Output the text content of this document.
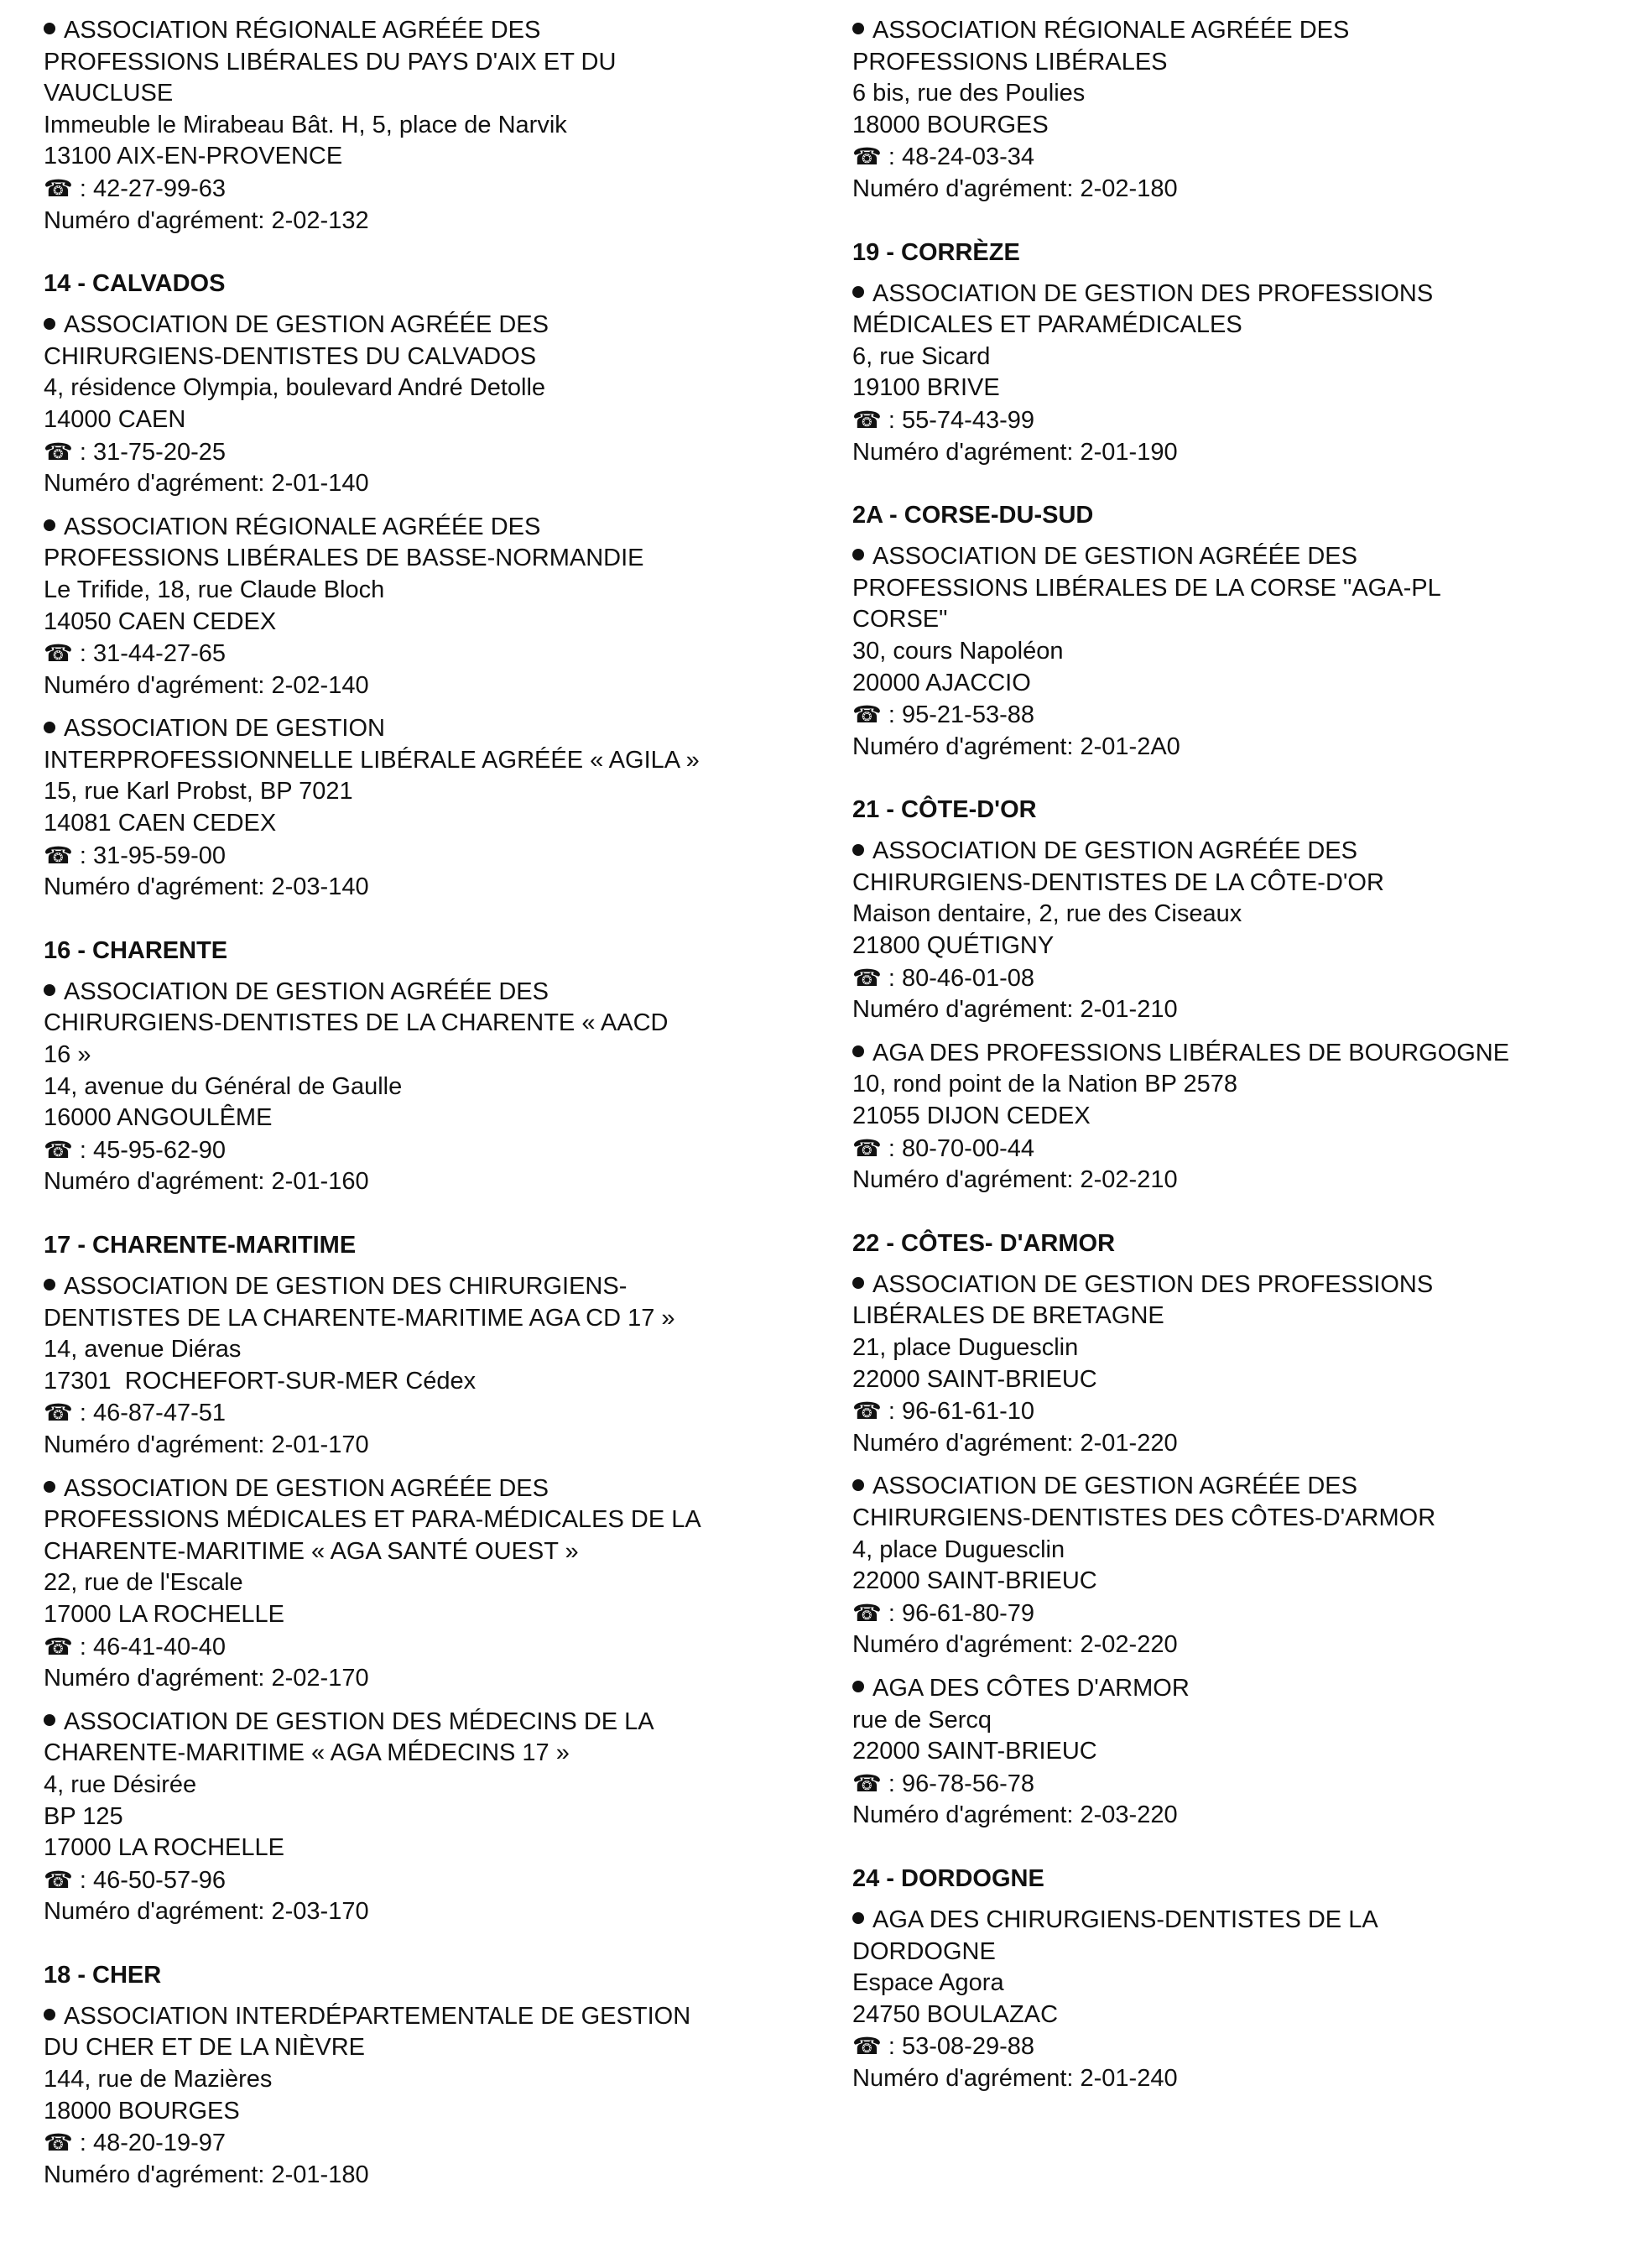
ASSOCIATION RÉGIONALE AGRÉÉE DES
PROFESSIONS LIBÉRALES DU PAYS D'AIX ET DU
VAUCLUSE
Immeuble le Mirabeau Bât. H, 5, place de Narvik
13100 AIX-EN-PROVENCE
☎ : 42-27-99-63
Numéro d'agrément: 2-02-132
14 - CALVADOS
ASSOCIATION DE GESTION AGRÉÉE DES
CHIRURGIENS-DENTISTES DU CALVADOS
4, résidence Olympia, boulevard André Detolle
14000 CAEN
☎ : 31-75-20-25
Numéro d'agrément: 2-01-140
ASSOCIATION RÉGIONALE AGRÉÉE DES
PROFESSIONS LIBÉRALES DE BASSE-NORMANDIE
Le Trifide, 18, rue Claude Bloch
14050 CAEN CEDEX
☎ : 31-44-27-65
Numéro d'agrément: 2-02-140
ASSOCIATION DE GESTION
INTERPROFESSIONNELLE LIBÉRALE AGRÉÉE « AGILA »
15, rue Karl Probst, BP 7021
14081 CAEN CEDEX
☎ : 31-95-59-00
Numéro d'agrément: 2-03-140
16 - CHARENTE
ASSOCIATION DE GESTION AGRÉÉE DES
CHIRURGIENS-DENTISTES DE LA CHARENTE « AACD
16 »
14, avenue du Général de Gaulle
16000 ANGOULÊME
☎ : 45-95-62-90
Numéro d'agrément: 2-01-160
17 - CHARENTE-MARITIME
ASSOCIATION DE GESTION DES CHIRURGIENS-
DENTISTES DE LA CHARENTE-MARITIME AGA CD 17 »
14, avenue Diéras
17301  ROCHEFORT-SUR-MER Cédex
☎ : 46-87-47-51
Numéro d'agrément: 2-01-170
ASSOCIATION DE GESTION AGRÉÉE DES
PROFESSIONS MÉDICALES ET PARA-MÉDICALES DE LA
CHARENTE-MARITIME « AGA SANTÉ OUEST »
22, rue de l'Escale
17000 LA ROCHELLE
☎ : 46-41-40-40
Numéro d'agrément: 2-02-170
ASSOCIATION DE GESTION DES MÉDECINS DE LA
CHARENTE-MARITIME « AGA MÉDECINS 17 »
4, rue Désirée
BP 125
17000 LA ROCHELLE
☎ : 46-50-57-96
Numéro d'agrément: 2-03-170
18 - CHER
ASSOCIATION INTERDÉPARTEMENTALE DE GESTION
DU CHER ET DE LA NIÈVRE
144, rue de Mazières
18000 BOURGES
☎ : 48-20-19-97
Numéro d'agrément: 2-01-180
ASSOCIATION RÉGIONALE AGRÉÉE DES
PROFESSIONS LIBÉRALES
6 bis, rue des Poulies
18000 BOURGES
☎ : 48-24-03-34
Numéro d'agrément: 2-02-180
19 - CORRÈZE
ASSOCIATION DE GESTION DES PROFESSIONS
MÉDICALES ET PARAMÉDICALES
6, rue Sicard
19100 BRIVE
☎ : 55-74-43-99
Numéro d'agrément: 2-01-190
2A - CORSE-DU-SUD
ASSOCIATION DE GESTION AGRÉÉE DES
PROFESSIONS LIBÉRALES DE LA CORSE "AGA-PL
CORSE"
30, cours Napoléon
20000 AJACCIO
☎ : 95-21-53-88
Numéro d'agrément: 2-01-2A0
21 - CÔTE-D'OR
ASSOCIATION DE GESTION AGRÉÉE DES
CHIRURGIENS-DENTISTES DE LA CÔTE-D'OR
Maison dentaire, 2, rue des Ciseaux
21800 QUÉTIGNY
☎ : 80-46-01-08
Numéro d'agrément: 2-01-210
AGA DES PROFESSIONS LIBÉRALES DE BOURGOGNE
10, rond point de la Nation BP 2578
21055 DIJON CEDEX
☎ : 80-70-00-44
Numéro d'agrément: 2-02-210
22 - CÔTES- D'ARMOR
ASSOCIATION DE GESTION DES PROFESSIONS
LIBÉRALES DE BRETAGNE
21, place Duguesclin
22000 SAINT-BRIEUC
☎ : 96-61-61-10
Numéro d'agrément: 2-01-220
ASSOCIATION DE GESTION AGRÉÉE DES
CHIRURGIENS-DENTISTES DES CÔTES-D'ARMOR
4, place Duguesclin
22000 SAINT-BRIEUC
☎ : 96-61-80-79
Numéro d'agrément: 2-02-220
AGA DES CÔTES D'ARMOR
rue de Sercq
22000 SAINT-BRIEUC
☎ : 96-78-56-78
Numéro d'agrément: 2-03-220
24 - DORDOGNE
AGA DES CHIRURGIENS-DENTISTES DE LA
DORDOGNE
Espace Agora
24750 BOULAZAC
☎ : 53-08-29-88
Numéro d'agrément: 2-01-240
